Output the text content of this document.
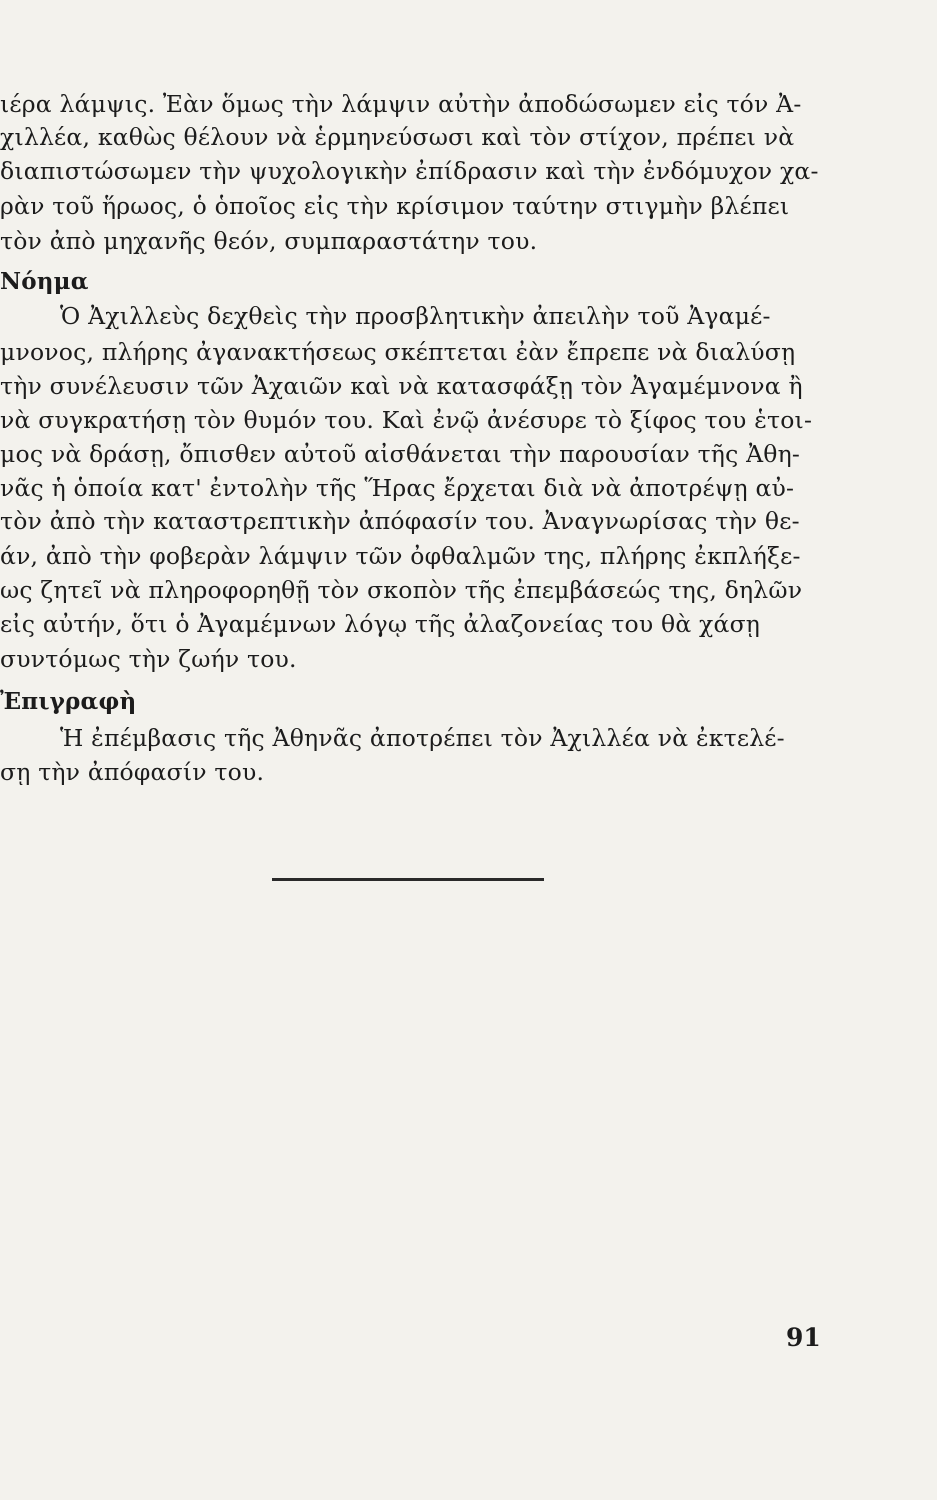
ιέρα λάμψις. Ἐὰν ὅμως τὴν λάμψιν αὐτὴν ἀποδώσωμεν εἰς τόν Ἀ-
χιλλέα, καθὼς θέλουν νὰ ἑρμηνεύσωσι καὶ τὸν στίχον, πρέπει νὰ
διαπιστώσωμεν τὴν ψυχολογικὴν ἐπίδρασιν καὶ τὴν ἐνδόμυχον χα-
ρὰν τοῦ ἥρωος, ὁ ὁποῖος εἰς τὴν κρίσιμον ταύτην στιγμὴν βλέπει
τὸν ἀπὸ μηχανῆς θεόν, συμπαραστάτην του.
Νόημα
Ὁ Ἀχιλλεὺς δεχθεὶς τὴν προσβλητικὴν ἀπειλὴν τοῦ Ἀγαμέ-
μνονος, πλήρης ἀγανακτήσεως σκέπτεται ἐὰν ἔπρεπε νὰ διαλύσῃ
τὴν συνέλευσιν τῶν Ἀχαιῶν καὶ νὰ κατασφάξῃ τὸν Ἀγαμέμνονα ἢ
νὰ συγκρατήσῃ τὸν θυμόν του. Καὶ ἐνῷ ἀνέσυρε τὸ ξίφος του ἑτοι-
μος νὰ δράσῃ, ὄπισθεν αὐτοῦ αἰσθάνεται τὴν παρουσίαν τῆς Ἀθη-
νᾶς ἡ ὁποία κατ' ἐντολὴν τῆς Ἥρας ἔρχεται διὰ νὰ ἀποτρέψῃ αὐ-
τὸν ἀπὸ τὴν καταστρεπτικὴν ἀπόφασίν του. Ἀναγνωρίσας τὴν θε-
άν, ἀπὸ τὴν φοβερὰν λάμψιν τῶν ὀφθαλμῶν της, πλήρης ἐκπλήξε-
ως ζητεῖ νὰ πληροφορηθῇ τὸν σκοπὸν τῆς ἐπεμβάσεώς της, δηλῶν
εἰς αὐτήν, ὅτι ὁ Ἀγαμέμνων λόγῳ τῆς ἀλαζονείας του θὰ χάσῃ
συντόμως τὴν ζωήν του.
Ἐπιγραφὴ
Ἡ ἐπέμβασις τῆς Ἀθηνᾶς ἀποτρέπει τὸν Ἀχιλλέα νὰ ἐκτελέ-
σῃ τὴν ἀπόφασίν του.
91
